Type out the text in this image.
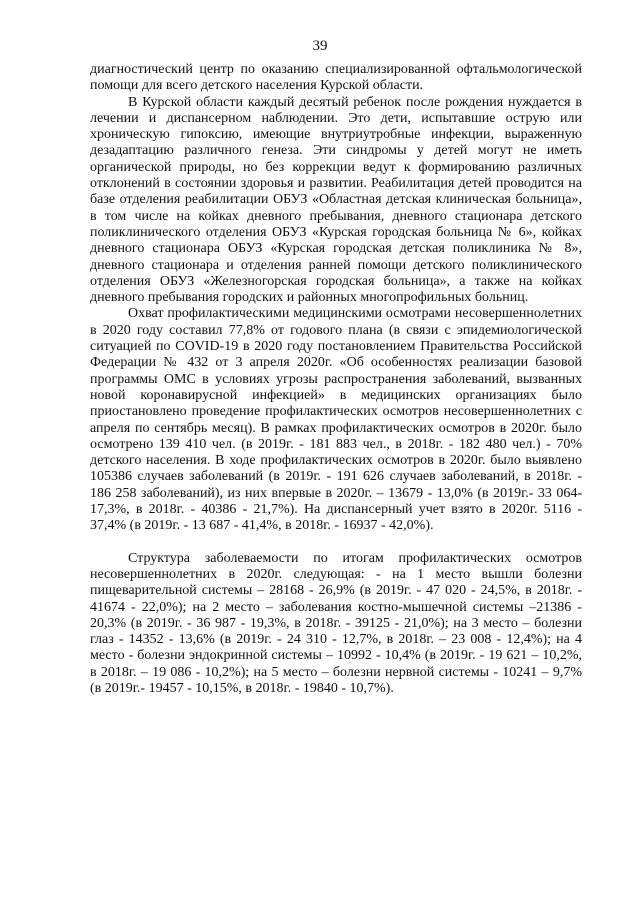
39

диагностический центр по оказанию специализированной офтальмологической помощи для всего детского населения Курской области.

В Курской области каждый десятый ребенок после рождения нуждается в лечении и диспансерном наблюдении. Это дети, испытавшие острую или хроническую гипоксию, имеющие внутриутробные инфекции, выраженную дезадаптацию различного генеза. Эти синдромы у детей могут не иметь органической природы, но без коррекции ведут к формированию различных отклонений в состоянии здоровья и развитии. Реабилитация детей проводится на базе отделения реабилитации ОБУЗ «Областная детская клиническая больница», в том числе на койках дневного пребывания, дневного стационара детского поликлинического отделения ОБУЗ «Курская городская больница № 6», койках дневного стационара ОБУЗ «Курская городская детская поликлиника № 8», дневного стационара и отделения ранней помощи детского поликлинического отделения ОБУЗ «Железногорская городская больница», а также на койках дневного пребывания городских и районных многопрофильных больниц.

Охват профилактическими медицинскими осмотрами несовершеннолетних в 2020 году составил 77,8% от годового плана (в связи с эпидемиологической ситуацией по COVID-19 в 2020 году постановлением Правительства Российской Федерации № 432 от 3 апреля 2020г. «Об особенностях реализации базовой программы ОМС в условиях угрозы распространения заболеваний, вызванных новой коронавирусной инфекцией» в медицинских организациях было приостановлено проведение профилактических осмотров несовершеннолетних с апреля по сентябрь месяц). В рамках профилактических осмотров в 2020г. было осмотрено 139 410 чел. (в 2019г. - 181 883 чел., в 2018г. - 182 480 чел.) - 70% детского населения. В ходе профилактических осмотров в 2020г. было выявлено 105386 случаев заболеваний (в 2019г. - 191 626 случаев заболеваний, в 2018г. - 186 258 заболеваний), из них впервые в 2020г. – 13679 - 13,0% (в 2019г.- 33 064- 17,3%, в 2018г. - 40386 - 21,7%). На диспансерный учет взято в 2020г. 5116 - 37,4% (в 2019г. - 13 687 - 41,4%, в 2018г. - 16937 - 42,0%).

Структура заболеваемости по итогам профилактических осмотров несовершеннолетних в 2020г. следующая: - на 1 место вышли болезни пищеварительной системы – 28168 - 26,9% (в 2019г. - 47 020 - 24,5%, в 2018г. - 41674 - 22,0%); на 2 место – заболевания костно-мышечной системы –21386 - 20,3% (в 2019г. - 36 987 - 19,3%, в 2018г. - 39125 - 21,0%); на 3 место – болезни глаз - 14352 - 13,6% (в 2019г. - 24 310 - 12,7%, в 2018г. – 23 008 - 12,4%); на 4 место - болезни эндокринной системы – 10992 - 10,4% (в 2019г. - 19 621 – 10,2%, в 2018г. – 19 086 - 10,2%); на 5 место – болезни нервной системы - 10241 – 9,7% (в 2019г.- 19457 - 10,15%, в 2018г. - 19840 - 10,7%).
